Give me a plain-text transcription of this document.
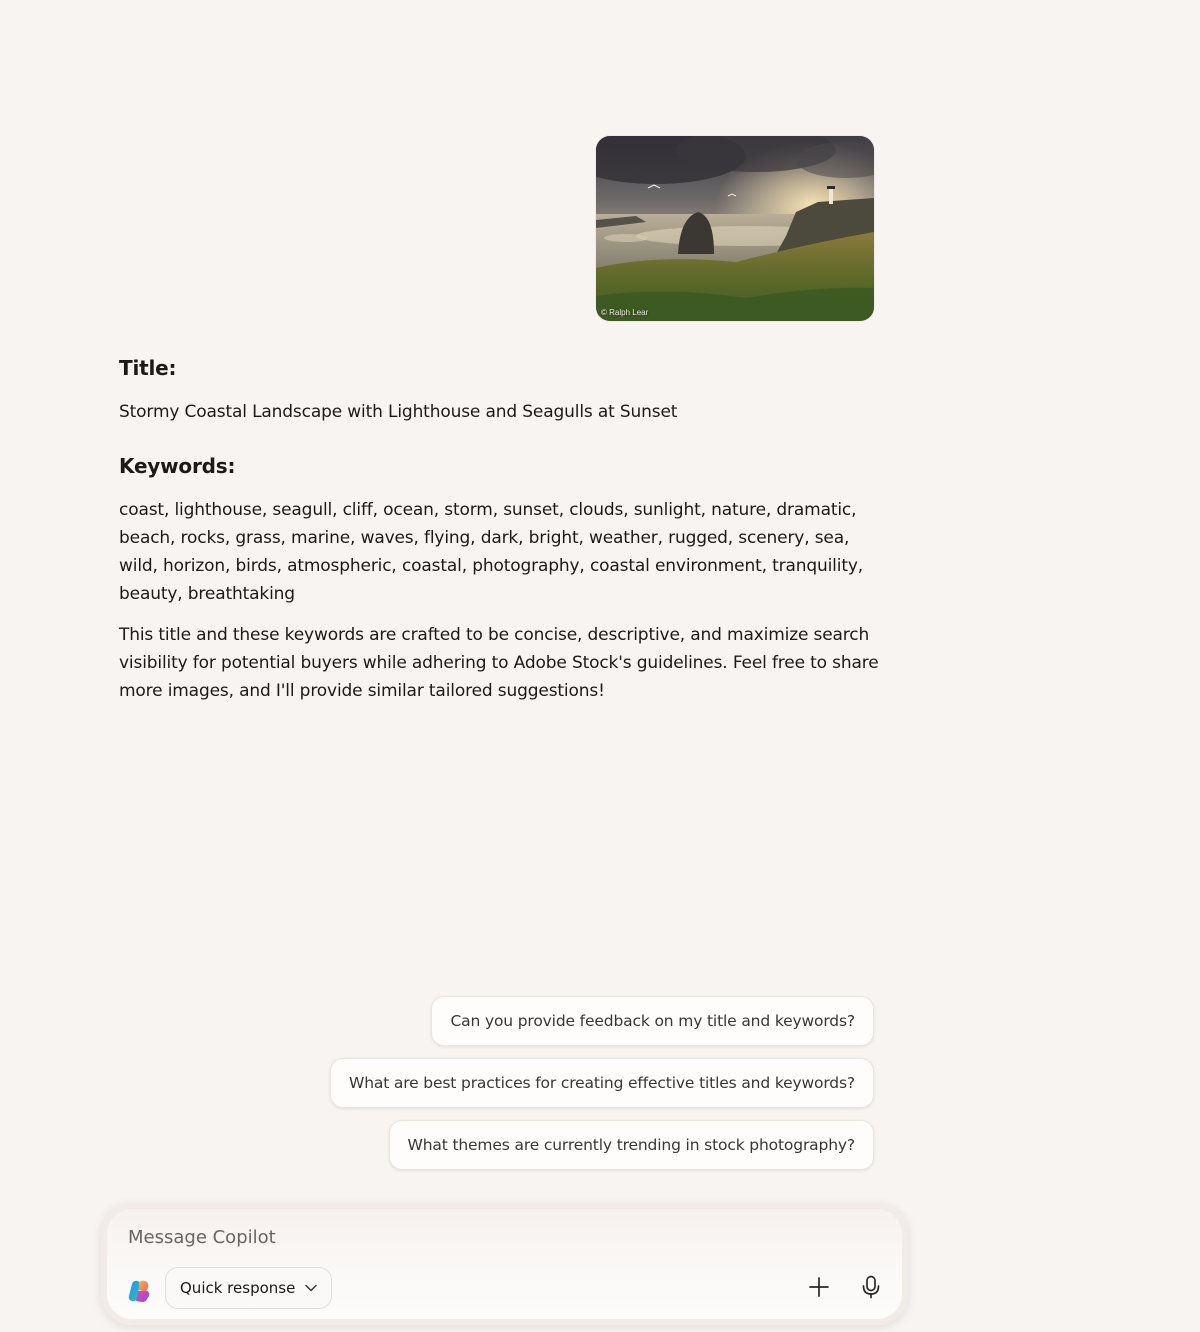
© Ralph Lear

Title:

Stormy Coastal Landscape with Lighthouse and Seagulls at Sunset

Keywords:

coast, lighthouse, seagull, cliff, ocean, storm, sunset, clouds, sunlight, nature, dramatic, beach, rocks, grass, marine, waves, flying, dark, bright, weather, rugged, scenery, sea, wild, horizon, birds, atmospheric, coastal, photography, coastal environment, tranquility, beauty, breathtaking

This title and these keywords are crafted to be concise, descriptive, and maximize search visibility for potential buyers while adhering to Adobe Stock's guidelines. Feel free to share more images, and I'll provide similar tailored suggestions!

Can you provide feedback on my title and keywords?
What are best practices for creating effective titles and keywords?
What themes are currently trending in stock photography?
Message Copilot
Quick response
